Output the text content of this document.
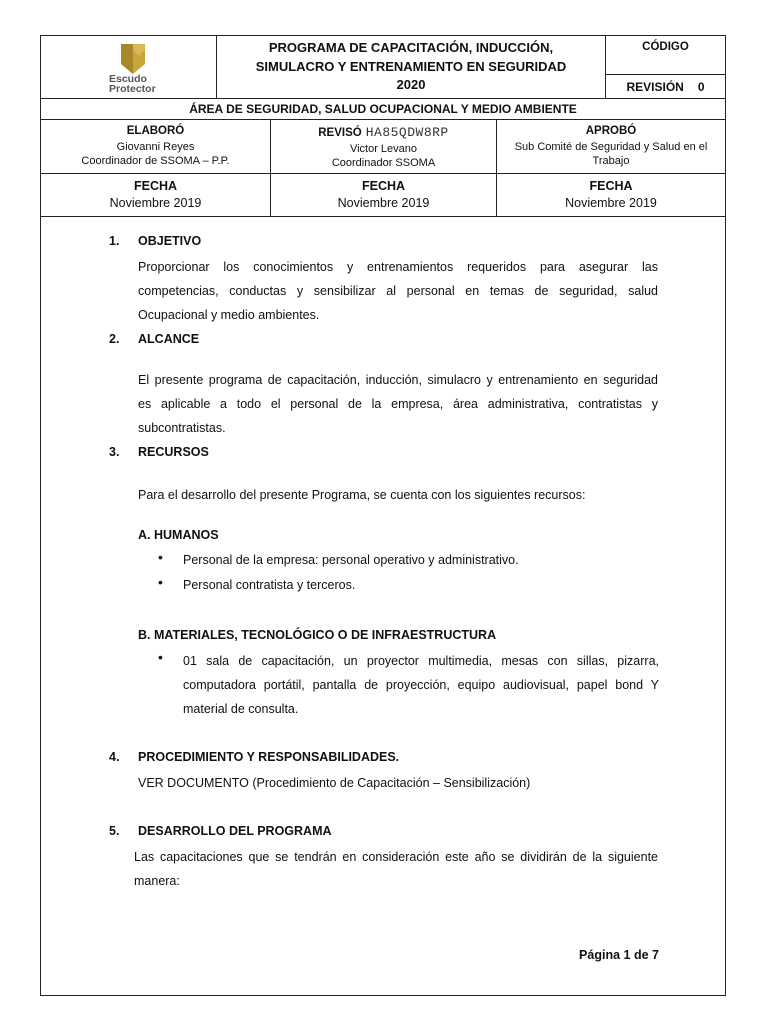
Escudo
Protector
PROGRAMA DE CAPACITACIÓN, INDUCCIÓN,
SIMULACRO Y ENTRENAMIENTO EN SEGURIDAD
2020
CÓDIGO
REVISIÓN 0
ÁREA DE SEGURIDAD, SALUD OCUPACIONAL Y MEDIO AMBIENTE
ELABORÓ
Giovanni Reyes
Coordinador de SSOMA – P.P.
REVISÓ HA85QDW8RP
Victor Levano
Coordinador SSOMA
APROBÓ
Sub Comité de Seguridad y Salud en el
Trabajo
FECHA
Noviembre 2019
FECHA
Noviembre 2019
FECHA
Noviembre 2019
1. OBJETIVO
Proporcionar los conocimientos y entrenamientos requeridos para asegurar las
competencias, conductas y sensibilizar al personal en temas de seguridad, salud
Ocupacional y medio ambientes.
2. ALCANCE
El presente programa de capacitación, inducción, simulacro y entrenamiento en seguridad
es aplicable a todo el personal de la empresa, área administrativa, contratistas y
subcontratistas.
3. RECURSOS
Para el desarrollo del presente Programa, se cuenta con los siguientes recursos:
A. HUMANOS
• Personal de la empresa: personal operativo y administrativo.
• Personal contratista y terceros.
B. MATERIALES, TECNOLÓGICO O DE INFRAESTRUCTURA
• 01 sala de capacitación, un proyector multimedia, mesas con sillas, pizarra,
computadora portátil, pantalla de proyección, equipo audiovisual, papel bond Y
material de consulta.
4. PROCEDIMIENTO Y RESPONSABILIDADES.
VER DOCUMENTO (Procedimiento de Capacitación – Sensibilización)
5. DESARROLLO DEL PROGRAMA
Las capacitaciones que se tendrán en consideración este año se dividirán de la siguiente
manera:
Página 1 de 7
